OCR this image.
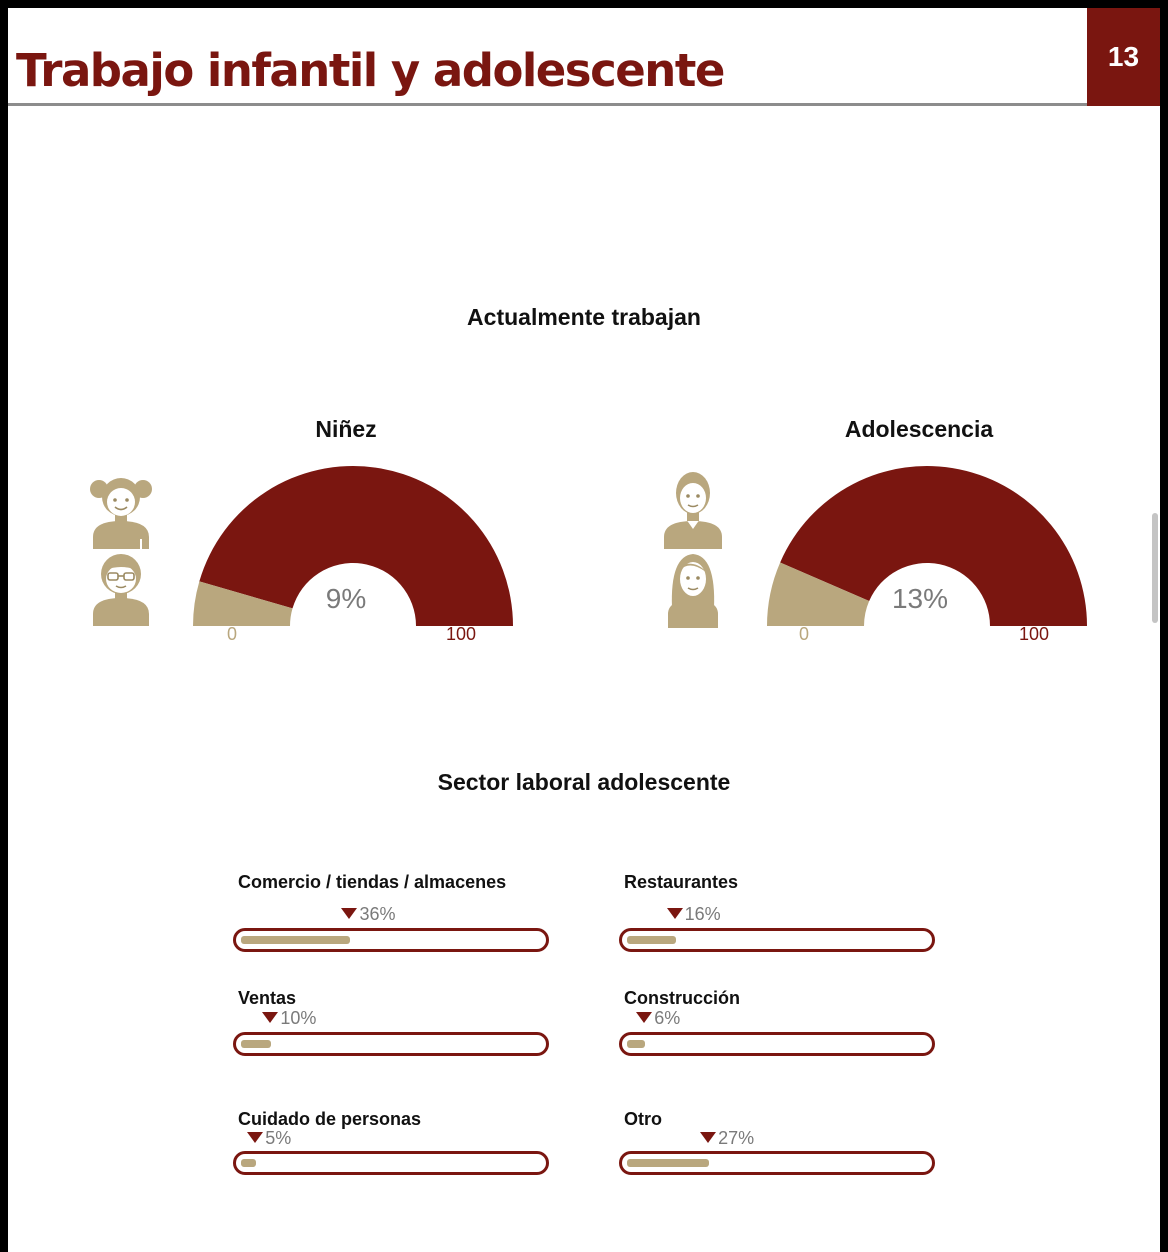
Trabajo infantil y adolescente	13
Actualmente trabajan
Niñez	Adolescencia
9%
0	100
13%
0	100
Sector laboral adolescente
Comercio / tiendas / almacenes
36%
Restaurantes
16%
Ventas
10%
Construcción
6%
Cuidado de personas
5%
Otro
27%
